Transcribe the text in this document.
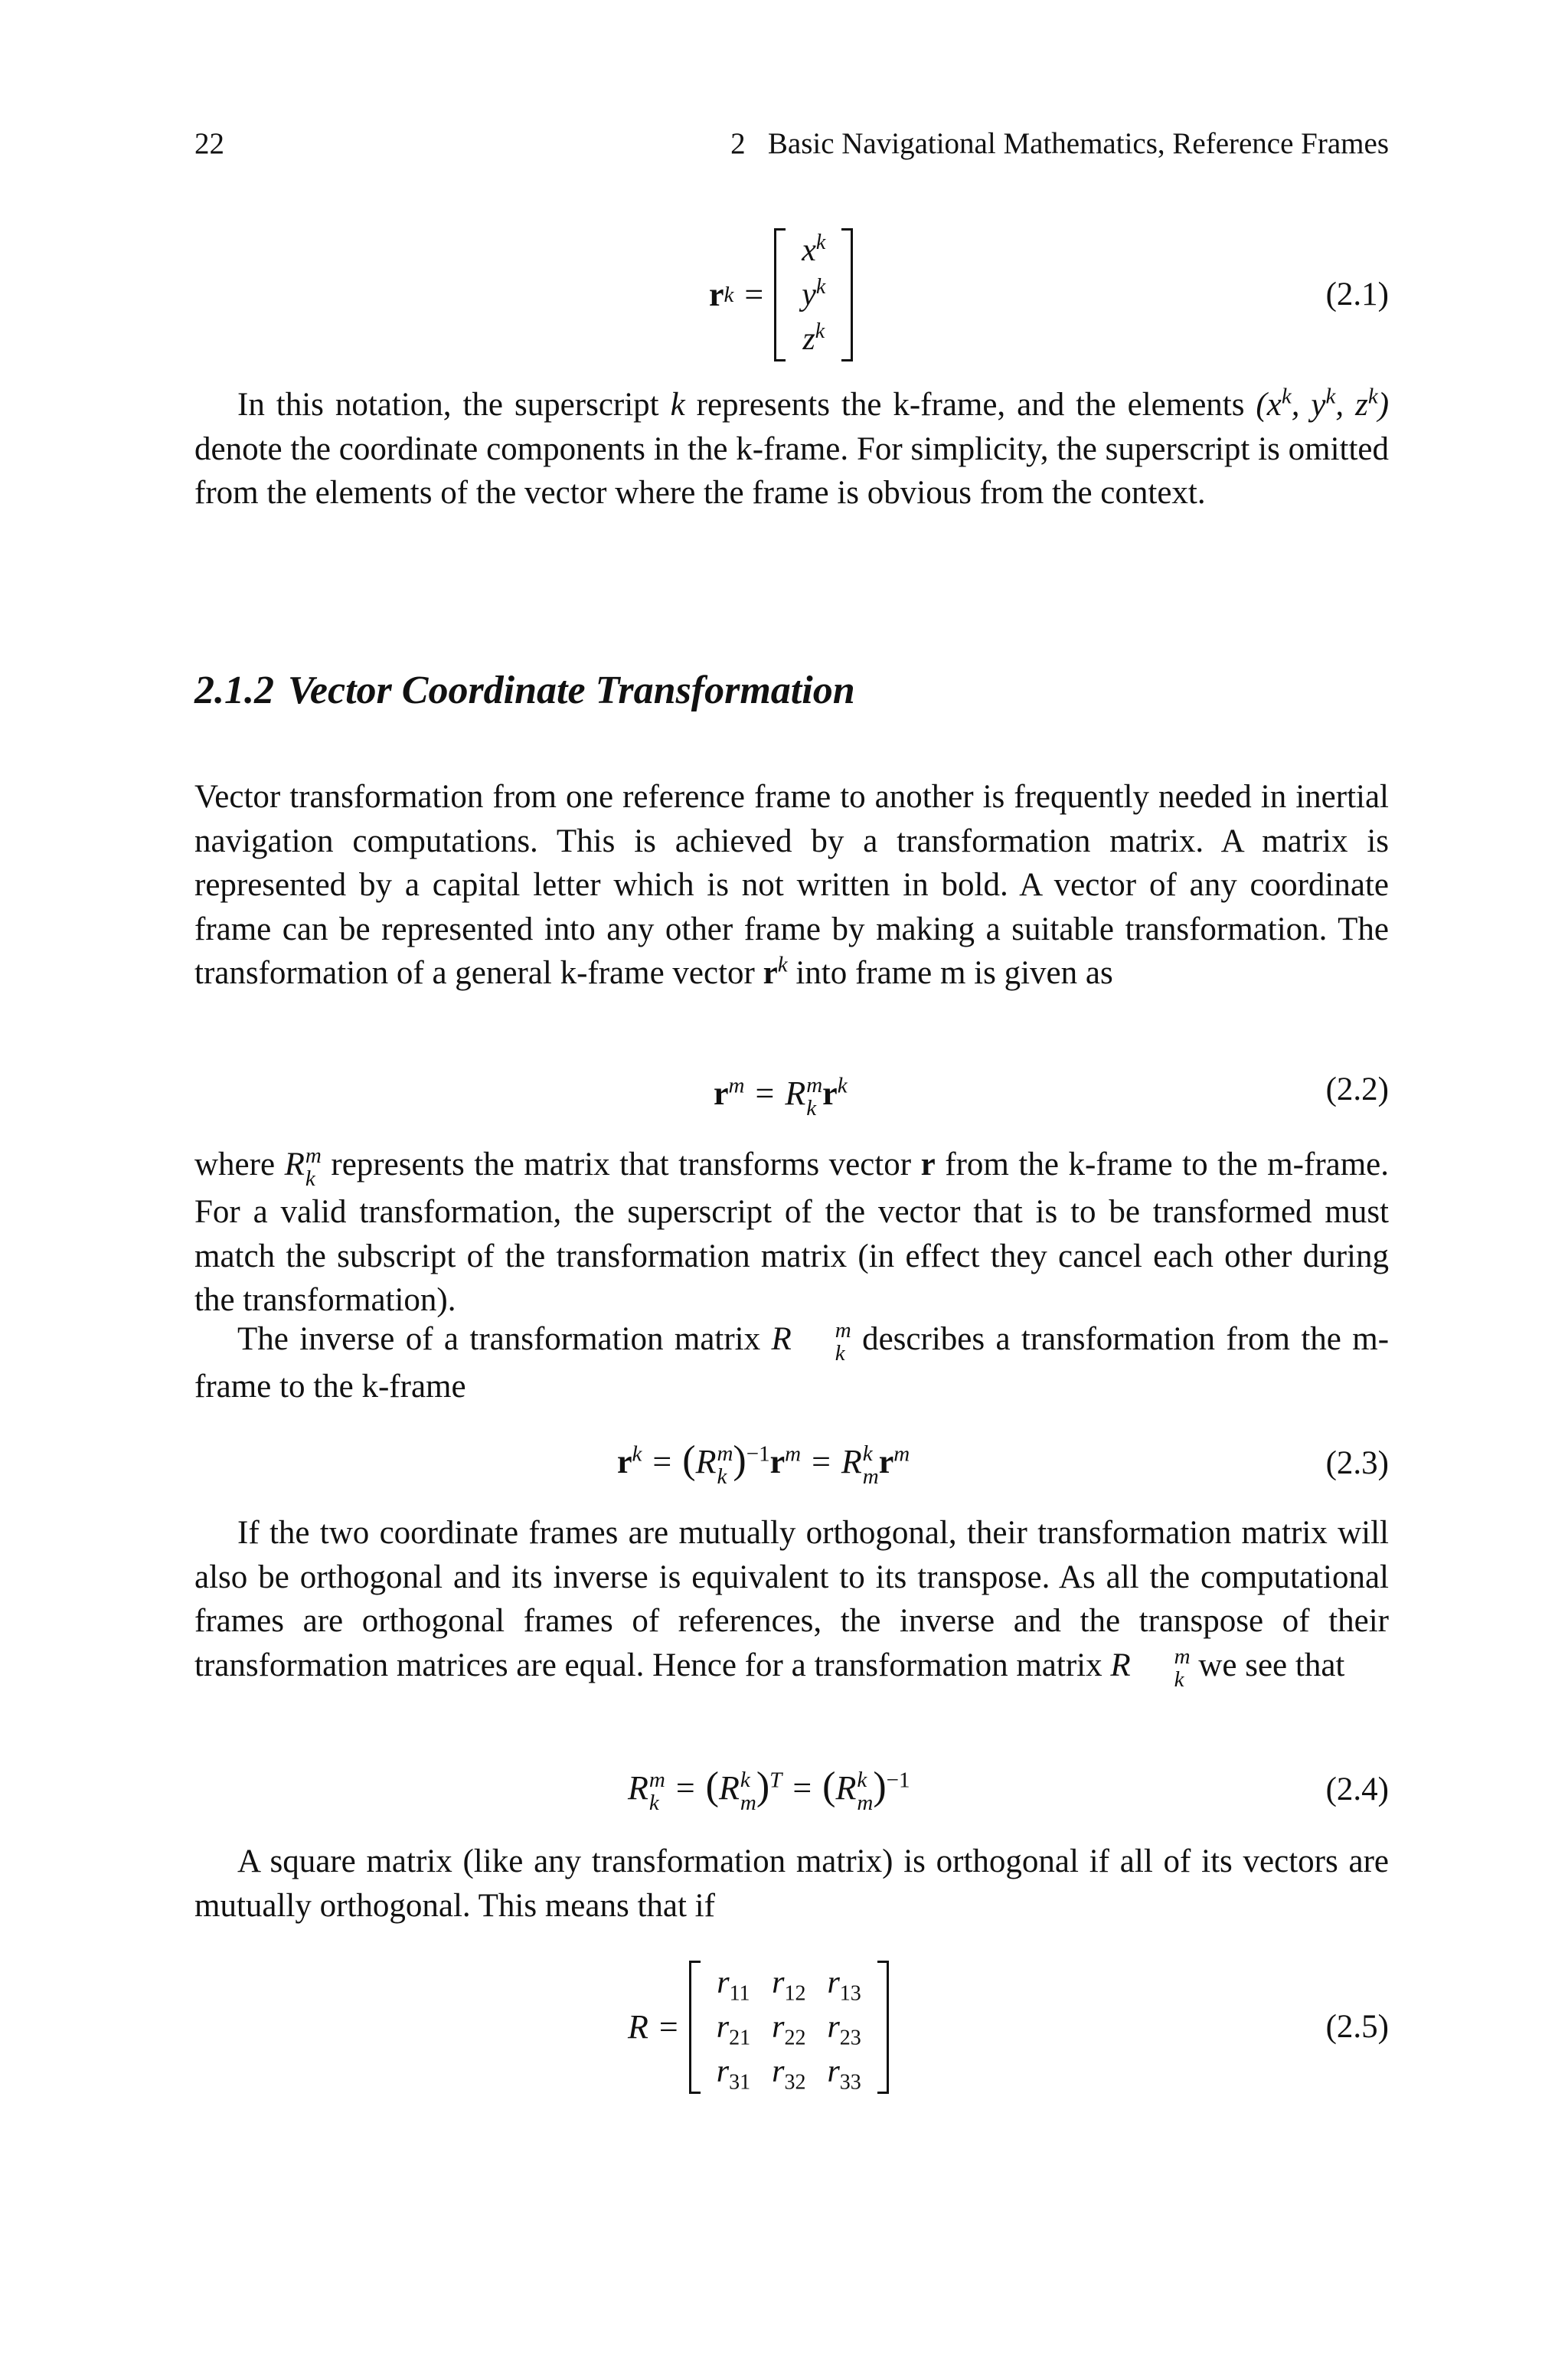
22	2   Basic Navigational Mathematics, Reference Frames
r k =
$x^k$
$y^k$
$z^k$
(2.1)

In this notation, the superscript k represents the k-frame, and the elements ($x^k$, $y^k$, $z^k$) denote the coordinate components in the k-frame. For simplicity, the superscript is omitted from the elements of the vector where the frame is obvious from the context.

2.1.2 Vector Coordinate Transformation

Vector transformation from one reference frame to another is frequently needed in inertial navigation computations. This is achieved by a transformation matrix. A matrix is represented by a capital letter which is not written in bold. A vector of any coordinate frame can be represented into any other frame by making a suitable transformation. The transformation of a general k-frame vector $r^k$ into frame m is given as

$r^m = R$ m
k $r^k$	(2.2)

where R m
k represents the matrix that transforms vector r from the k-frame to the m-frame. For a valid transformation, the superscript of the vector that is to be transformed must match the subscript of the transformation matrix (in effect they cancel each other during the transformation).

The inverse of a transformation matrix R	m
k describes a transformation from the m-frame to the k-frame

$r^k = (R$ m
k )$^{-1}r^m = R$ k
m $r^m$	(2.3)

If the two coordinate frames are mutually orthogonal, their transformation matrix will also be orthogonal and its inverse is equivalent to its transpose. As all the computational frames are orthogonal frames of references, the inverse and the transpose of their transformation matrices are equal. Hence for a transformation matrix R	m
k we see that

R m
k = (R k
m )$^T$ = (R k
m )$^{-1}$	(2.4)

A square matrix (like any transformation matrix) is orthogonal if all of its vectors are mutually orthogonal. This means that if

R =
$r_{11}$	$r_{12}$	$r_{13}$
$r_{21}$	$r_{22}$	$r_{23}$
$r_{31}$	$r_{32}$	$r_{33}$
(2.5)
